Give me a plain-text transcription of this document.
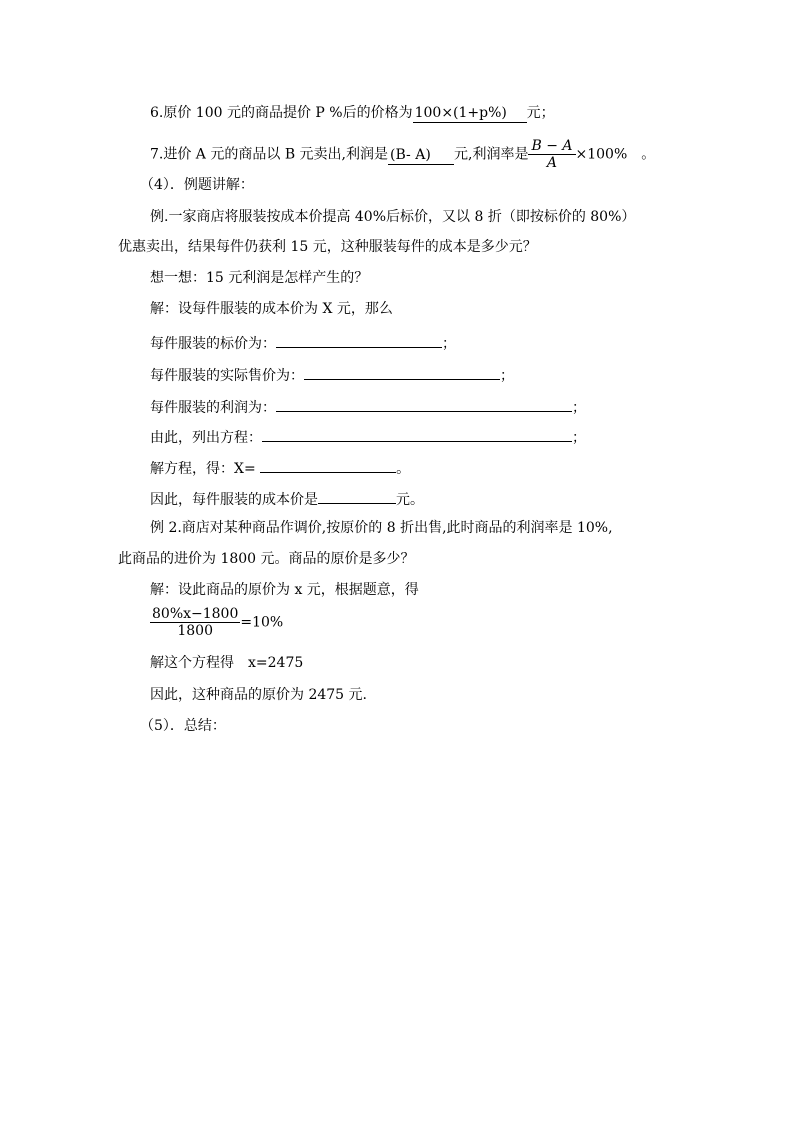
6.原价 100 元的商品提价 P %后的价格为 100×(1+p%) 元；
7.进价 A 元的商品以 B 元卖出,利润是 (B- A) 元,利润率是 $\frac{B - A}{A} \times 100\%$　。
（4）．例题讲解：
例.一家商店将服装按成本价提高 40%后标价，又以 8 折（即按标价的 80%）
优惠卖出，结果每件仍获利 15 元，这种服装每件的成本是多少元？
想一想：15 元利润是怎样产生的？
解：设每件服装的成本价为 X 元，那么
每件服装的标价为：	；
每件服装的实际售价为：	；
每件服装的利润为：	；
由此，列出方程：	；
解方程，得：X=	。
因此，每件服装的成本价是	元。
例 2.商店对某种商品作调价,按原价的 8 折出售,此时商品的利润率是 10%,
此商品的进价为 1800 元。商品的原价是多少？
解：设此商品的原价为 x 元，根据题意，得
$\frac{80\%x-1800}{1800} =10\%$
解这个方程得　x=2475
因此，这种商品的原价为 2475 元.
（5）．总结：
